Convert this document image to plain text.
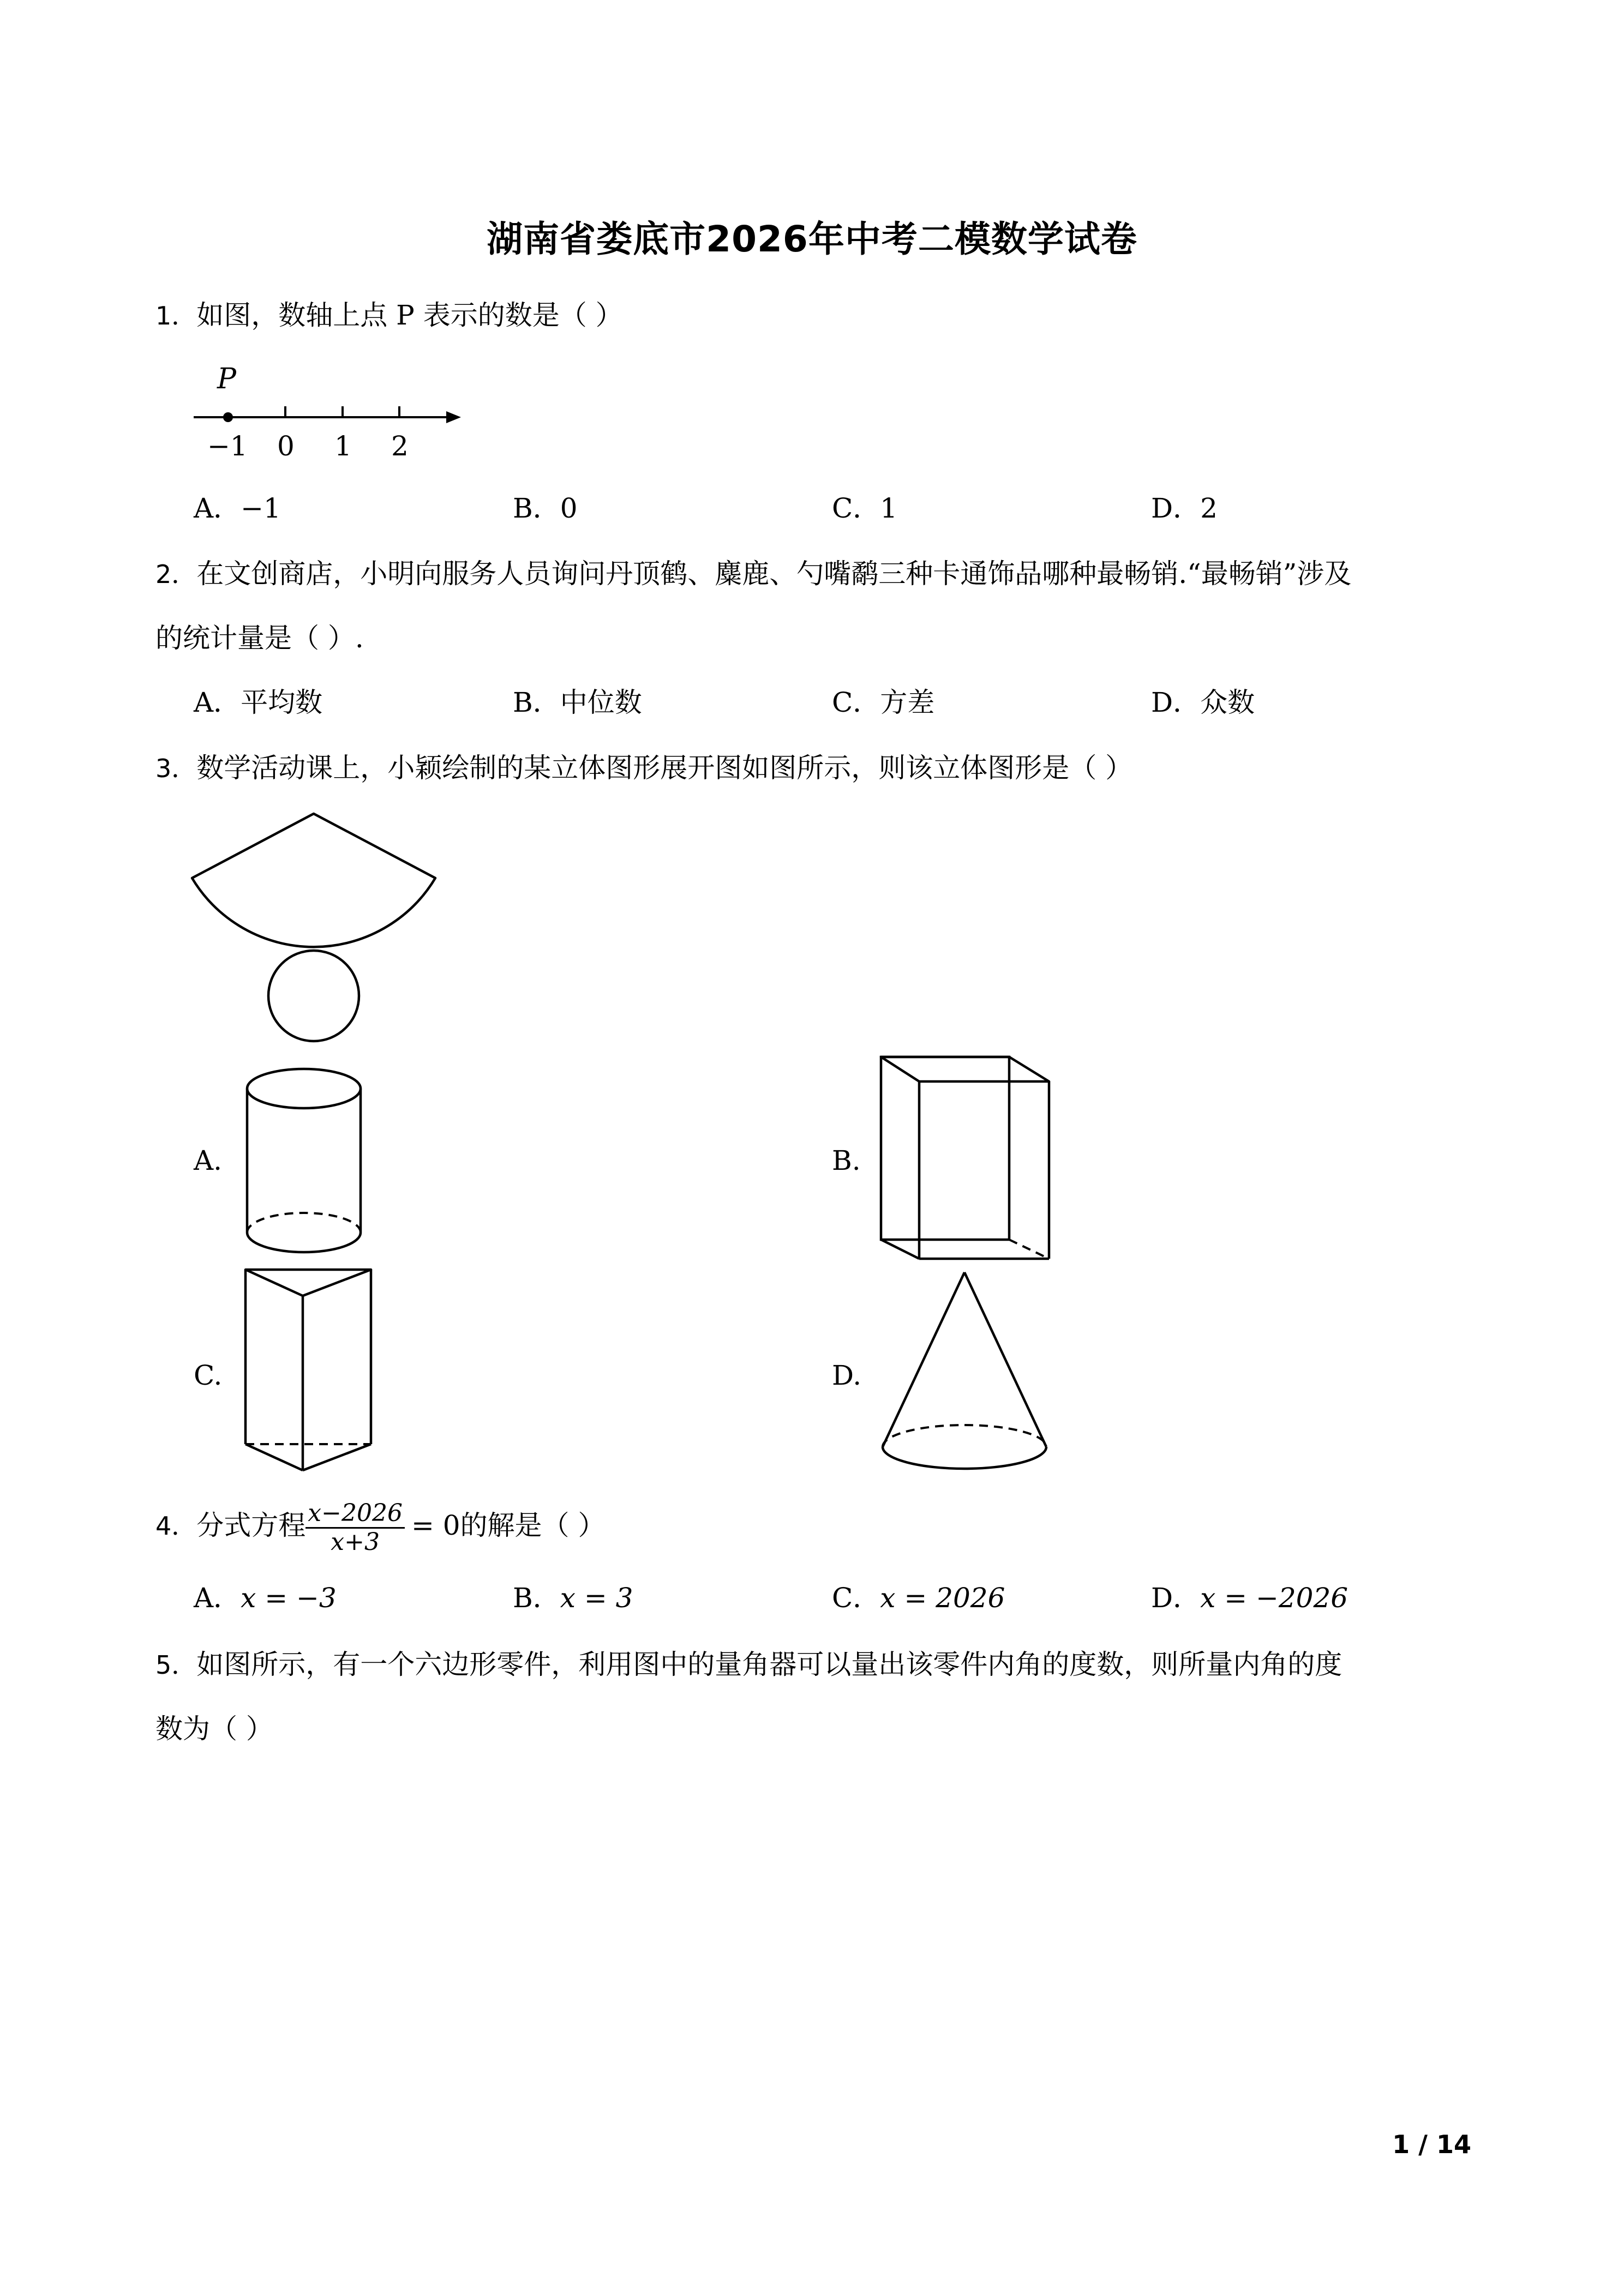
湖南省娄底市2026年中考二模数学试卷
1．如图，数轴上点 P 表示的数是（ ）
P
−1 0 1 2
A．−1	B．0	C．1	D．2
2．在文创商店，小明向服务人员询问丹顶鹤、麋鹿、勺嘴鹬三种卡通饰品哪种最畅销.“最畅销”涉及
的统计量是（ ）.
A．平均数	B．中位数	C．方差	D．众数
3．数学活动课上，小颖绘制的某立体图形展开图如图所示，则该立体图形是（ ）
A.	B.
C.	D.
4．分式方程 $\frac{x-2026}{x+3} = 0$的解是（ ）
A．x = −3	B．x = 3	C．x = 2026	D．x = −2026
5．如图所示，有一个六边形零件，利用图中的量角器可以量出该零件内角的度数，则所量内角的度
数为（ ）
1 / 14
